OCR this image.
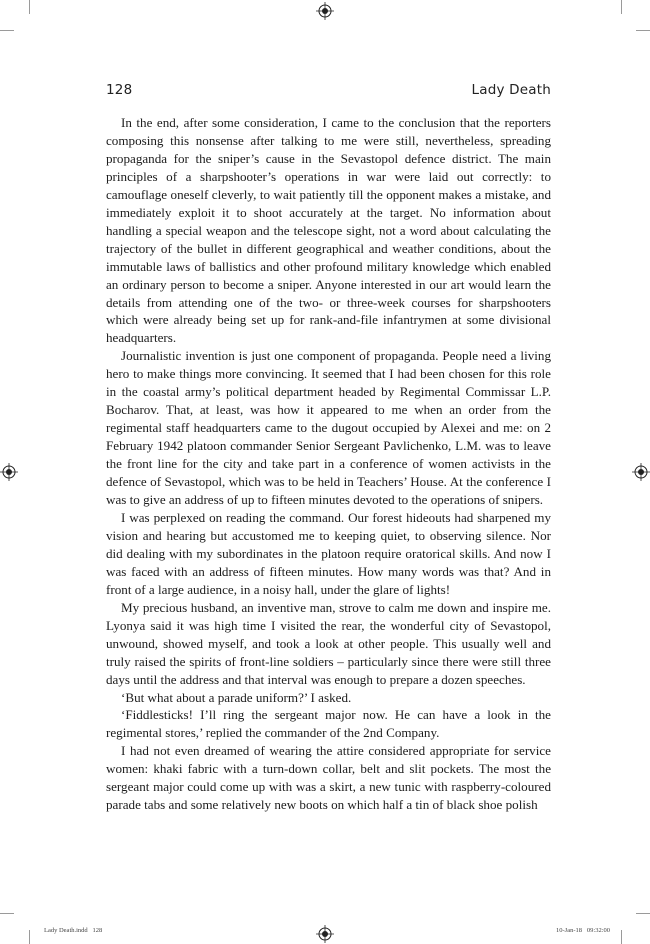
128	Lady Death

In the end, after some consideration, I came to the conclusion that the reporters composing this nonsense after talking to me were still, nevertheless, spreading propaganda for the sniper’s cause in the Sevastopol defence district. The main principles of a sharpshooter’s operations in war were laid out correctly: to camouflage oneself cleverly, to wait patiently till the opponent makes a mistake, and immediately exploit it to shoot accurately at the target. No information about handling a special weapon and the telescope sight, not a word about calculating the trajectory of the bullet in different geographical and weather conditions, about the immutable laws of ballistics and other profound military knowledge which enabled an ordinary person to become a sniper. Anyone interested in our art would learn the details from attending one of the two- or three-week courses for sharpshooters which were already being set up for rank-and-file infantrymen at some divisional headquarters.

Journalistic invention is just one component of propaganda. People need a living hero to make things more convincing. It seemed that I had been chosen for this role in the coastal army’s political department headed by Regimental Commissar L.P. Bocharov. That, at least, was how it appeared to me when an order from the regimental staff headquarters came to the dugout occupied by Alexei and me: on 2 February 1942 platoon commander Senior Sergeant Pavlichenko, L.M. was to leave the front line for the city and take part in a conference of women activists in the defence of Sevastopol, which was to be held in Teachers’ House. At the conference I was to give an address of up to fifteen minutes devoted to the operations of snipers.

I was perplexed on reading the command. Our forest hideouts had sharpened my vision and hearing but accustomed me to keeping quiet, to observing silence. Nor did dealing with my subordinates in the platoon require oratorical skills. And now I was faced with an address of fifteen minutes. How many words was that? And in front of a large audience, in a noisy hall, under the glare of lights!

My precious husband, an inventive man, strove to calm me down and inspire me. Lyonya said it was high time I visited the rear, the wonderful city of Sevastopol, unwound, showed myself, and took a look at other people. This usually well and truly raised the spirits of front-line soldiers – particularly since there were still three days until the address and that interval was enough to prepare a dozen speeches.

‘But what about a parade uniform?’ I asked.

‘Fiddlesticks! I’ll ring the sergeant major now. He can have a look in the regimental stores,’ replied the commander of the 2nd Company.

I had not even dreamed of wearing the attire considered appropriate for service women: khaki fabric with a turn-down collar, belt and slit pockets. The most the sergeant major could come up with was a skirt, a new tunic with raspberry-coloured parade tabs and some relatively new boots on which half a tin of black shoe polish

Lady Death.indd   128	10-Jan-18   09:32:00
